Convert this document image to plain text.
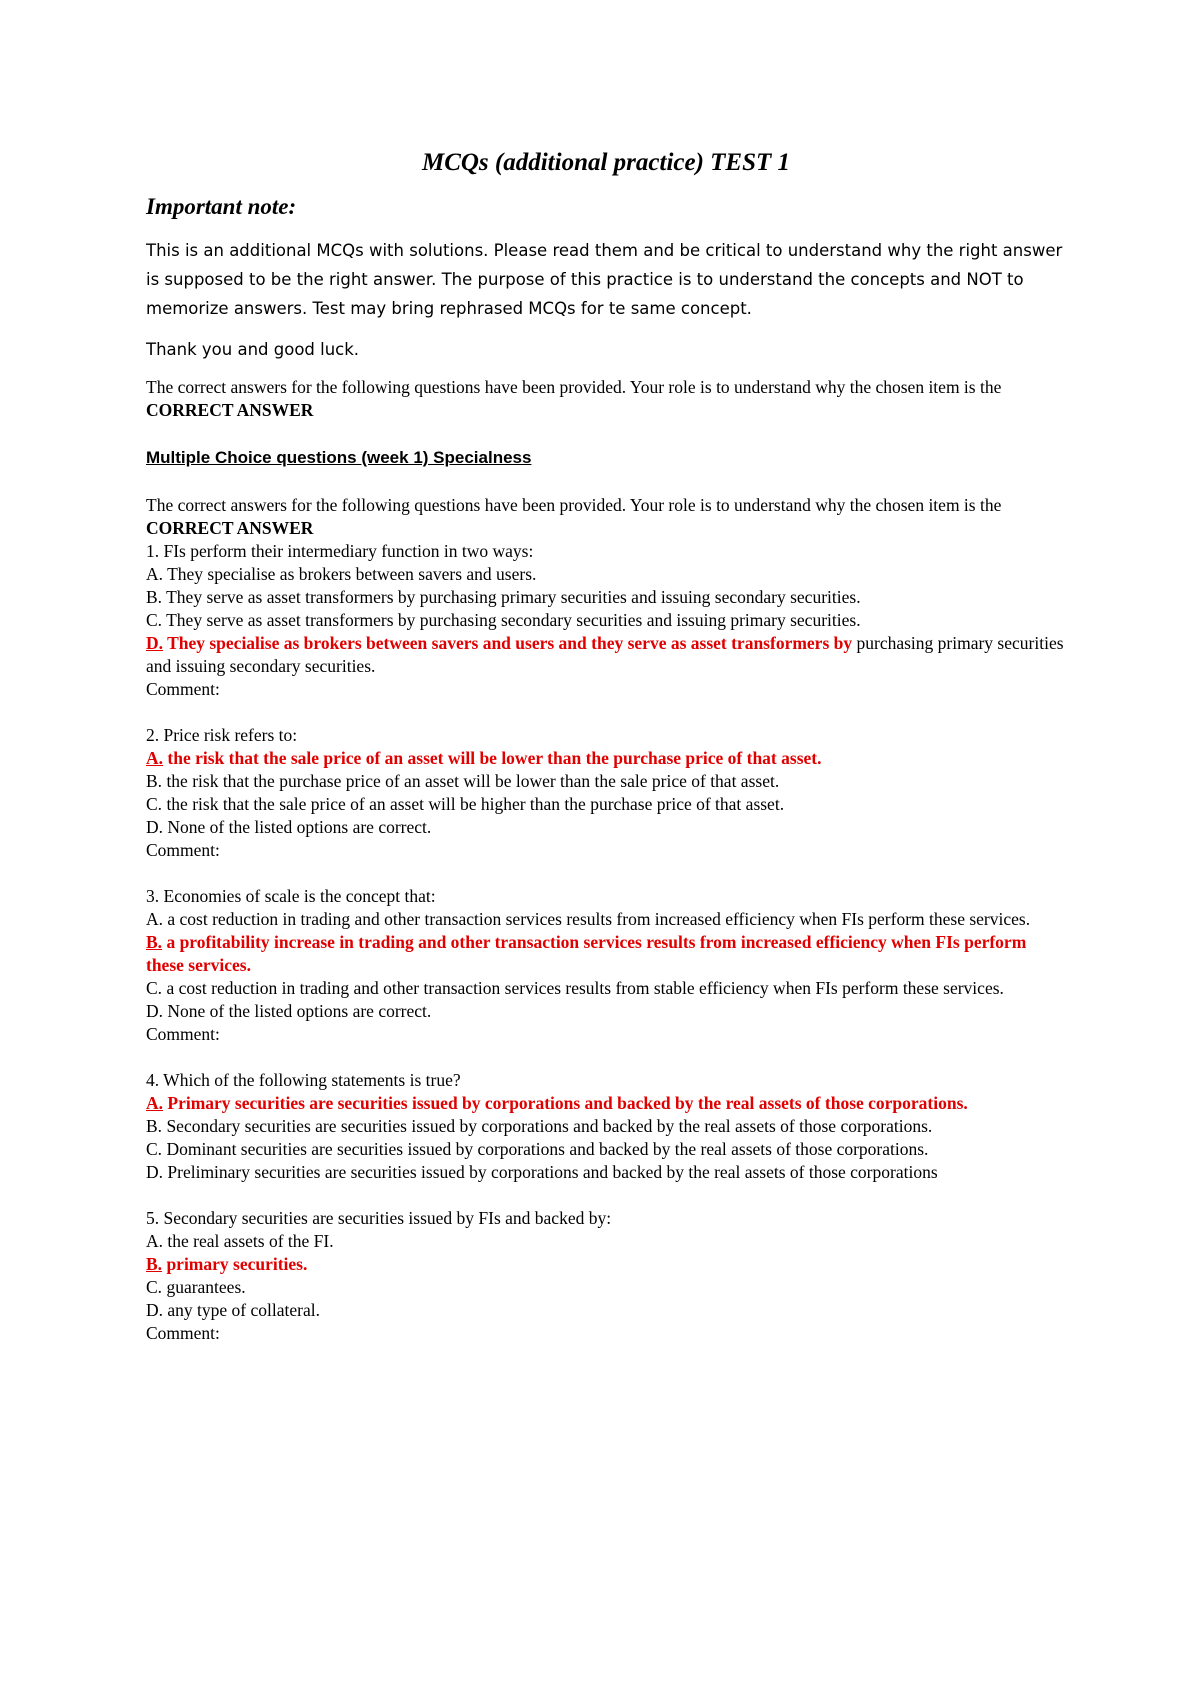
MCQs (additional practice) TEST 1
Important note:

This is an additional MCQs with solutions. Please read them and be critical to understand why the right answer is supposed to be the right answer. The purpose of this practice is to understand the concepts and NOT to memorize answers. Test may bring rephrased MCQs for te same concept.

Thank you and good luck.

The correct answers for the following questions have been provided. Your role is to understand why the chosen item is the CORRECT ANSWER

Multiple Choice questions (week 1) Specialness

The correct answers for the following questions have been provided. Your role is to understand why the chosen item is the CORRECT ANSWER

1. FIs perform their intermediary function in two ways:

A. They specialise as brokers between savers and users.

B. They serve as asset transformers by purchasing primary securities and issuing secondary securities.

C. They serve as asset transformers by purchasing secondary securities and issuing primary securities.

D. They specialise as brokers between savers and users and they serve as asset transformers by purchasing primary securities and issuing secondary securities.

Comment:

2. Price risk refers to:

A. the risk that the sale price of an asset will be lower than the purchase price of that asset.

B. the risk that the purchase price of an asset will be lower than the sale price of that asset.

C. the risk that the sale price of an asset will be higher than the purchase price of that asset.

D. None of the listed options are correct.

Comment:

3. Economies of scale is the concept that:

A. a cost reduction in trading and other transaction services results from increased efficiency when FIs perform these services.

B. a profitability increase in trading and other transaction services results from increased efficiency when FIs perform these services.

C. a cost reduction in trading and other transaction services results from stable efficiency when FIs perform these services.

D. None of the listed options are correct.

Comment:

4. Which of the following statements is true?

A. Primary securities are securities issued by corporations and backed by the real assets of those corporations.

B. Secondary securities are securities issued by corporations and backed by the real assets of those corporations.

C. Dominant securities are securities issued by corporations and backed by the real assets of those corporations.

D. Preliminary securities are securities issued by corporations and backed by the real assets of those corporations

5. Secondary securities are securities issued by FIs and backed by:

A. the real assets of the FI.

B. primary securities.

C. guarantees.

D. any type of collateral.

Comment:
